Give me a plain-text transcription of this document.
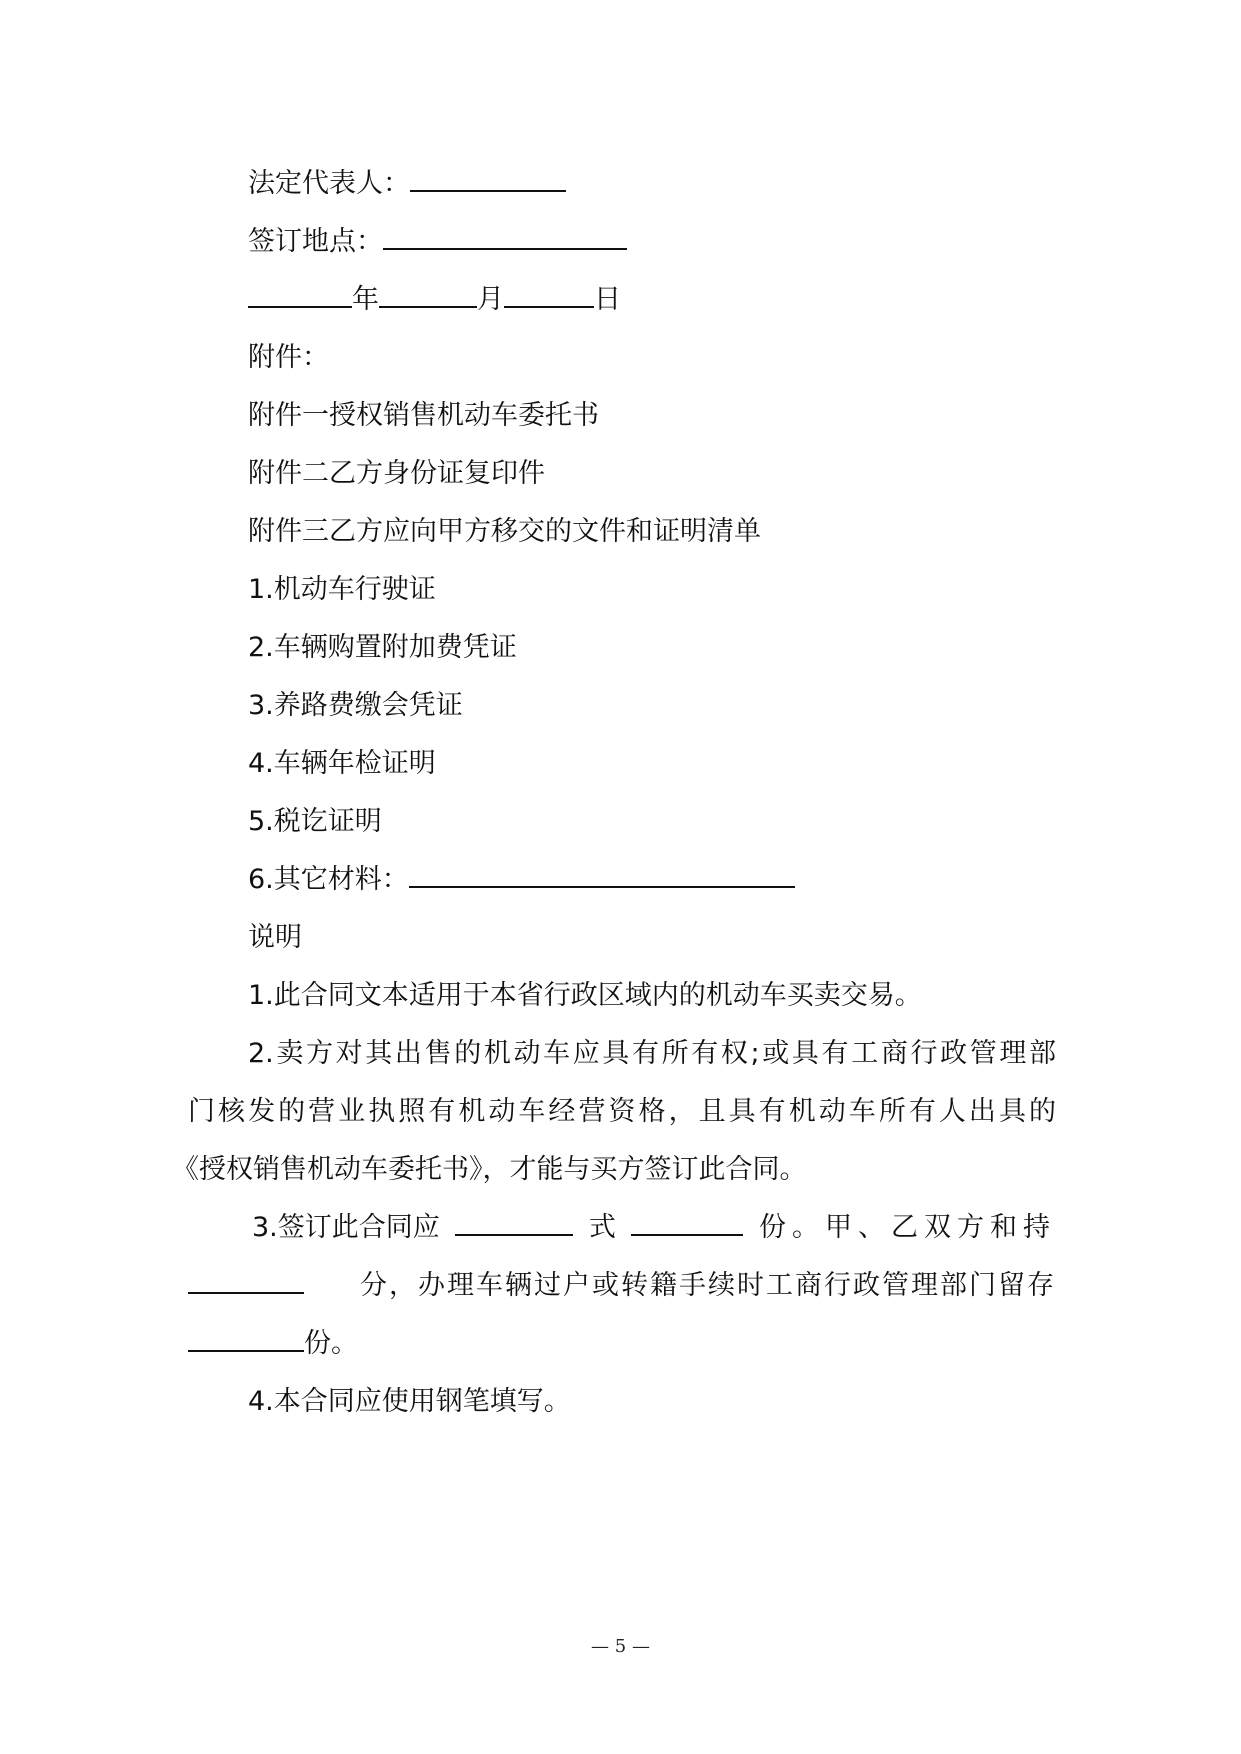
法定代表人：
签订地点：
年	月	日
附件：
附件一授权销售机动车委托书
附件二乙方身份证复印件
附件三乙方应向甲方移交的文件和证明清单
1.机动车行驶证
2.车辆购置附加费凭证
3.养路费缴会凭证
4.车辆年检证明
5.税讫证明
6.其它材料：
说明
1.此合同文本适用于本省行政区域内的机动车买卖交易。
2.卖方对其出售的机动车应具有所有权;或具有工商行政管理部
门核发的营业执照有机动车经营资格，且具有机动车所有人出具的
《授权销售机动车委托书》，才能与买方签订此合同。
3.签订此合同应	式	份。甲、乙双方和持
分，办理车辆过户或转籍手续时工商行政管理部门留存
份。
4.本合同应使用钢笔填写。
— 5 —
